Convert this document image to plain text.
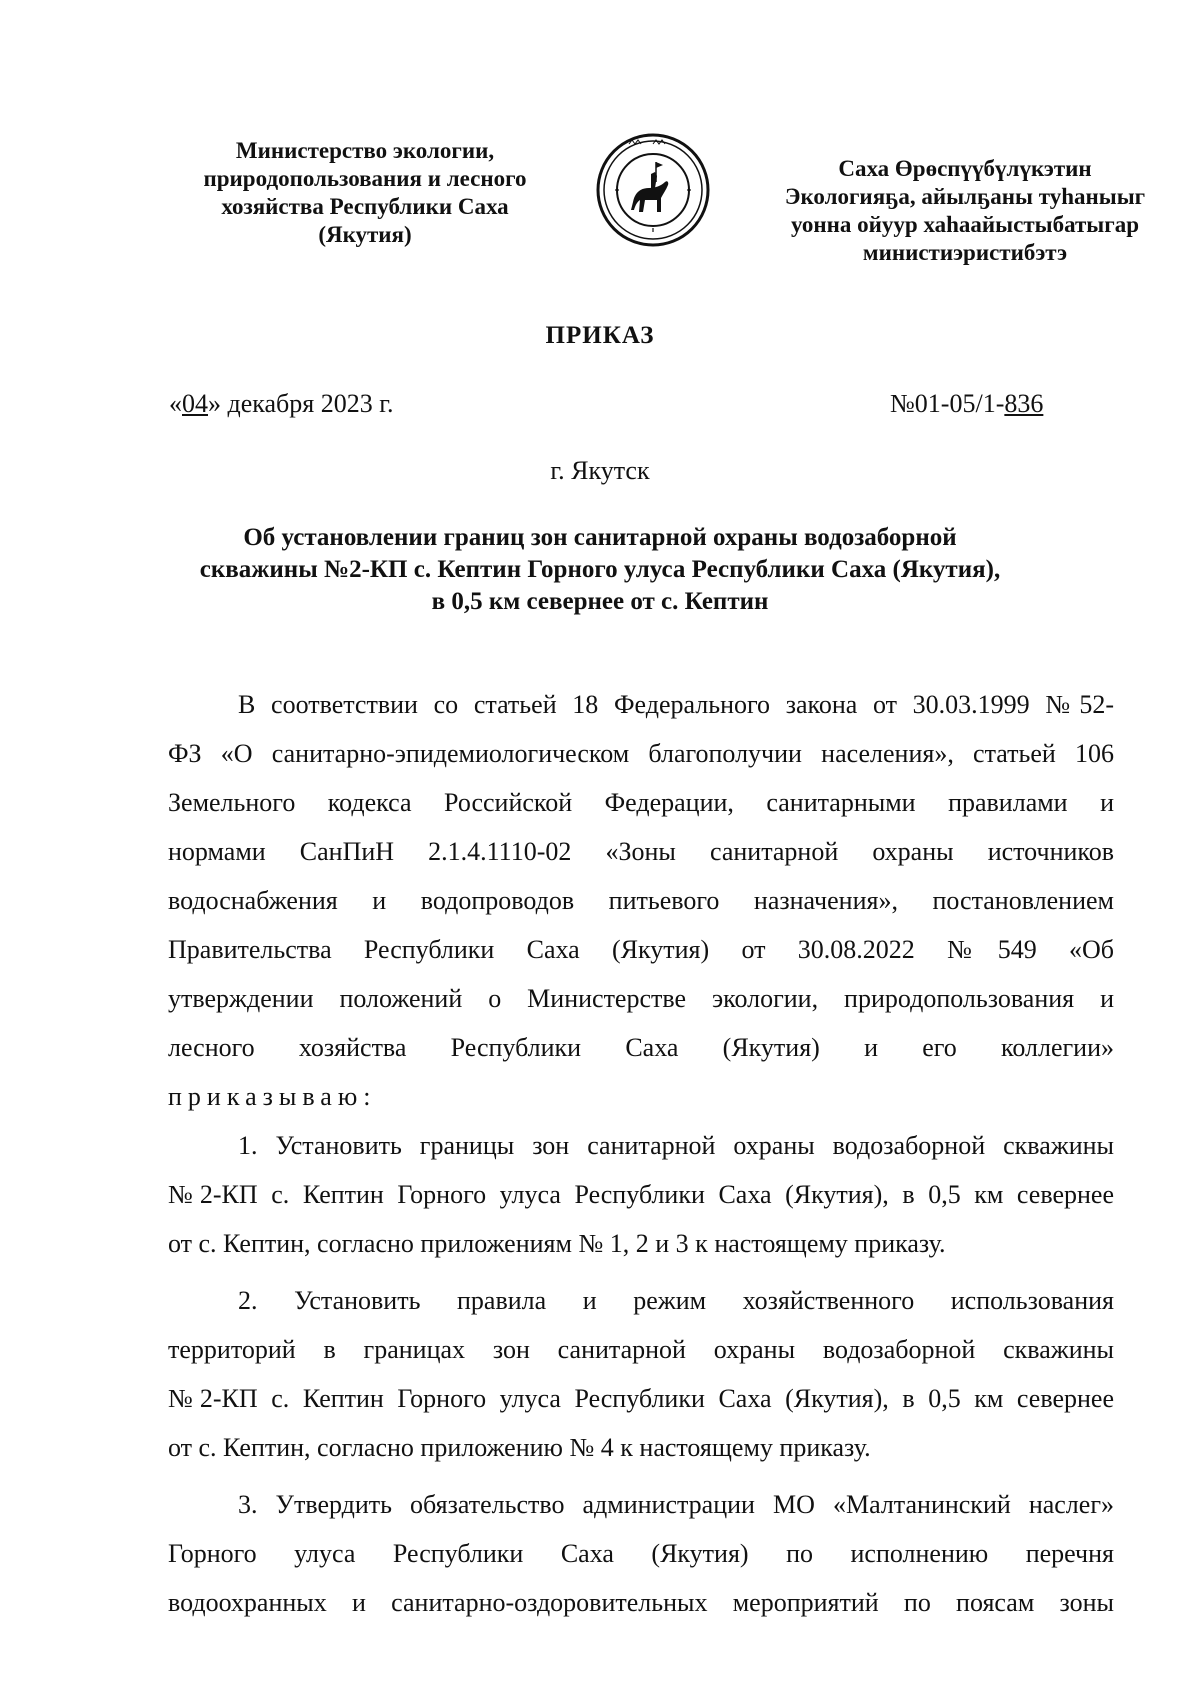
Министерство экологии,
природопользования и лесного
хозяйства Республики Саха
(Якутия)
Саха Өрөспүүбүлүкэтин
Экологияҕа, айылҕаны туһаныыг
уонна ойуур хаһаайыстыбатыгар
министиэристибэтэ
ПРИКАЗ
«04» декабря 2023 г.	№01-05/1-836
г. Якутск
Об установлении границ зон санитарной охраны водозаборной
скважины №2-КП с. Кептин Горного улуса Республики Саха (Якутия),
в 0,5 км севернее от с. Кептин
В соответствии со статьей 18 Федерального закона от 30.03.1999 №52-
ФЗ «О санитарно-эпидемиологическом благополучии населения», статьей 106
Земельного кодекса Российской Федерации, санитарными правилами и
нормами СанПиН 2.1.4.1110-02 «Зоны санитарной охраны источников
водоснабжения и водопроводов питьевого назначения», постановлением
Правительства Республики Саха (Якутия) от 30.08.2022 №549 «Об
утверждении положений о Министерстве экологии, природопользования и
лесного хозяйства Республики Саха (Якутия) и его коллегии»
приказываю:
1. Установить границы зон санитарной охраны водозаборной скважины
№2-КП с. Кептин Горного улуса Республики Саха (Якутия), в 0,5 км севернее
от с. Кептин, согласно приложениям № 1, 2 и 3 к настоящему приказу.
2. Установить правила и режим хозяйственного использования
территорий в границах зон санитарной охраны водозаборной скважины
№2-КП с. Кептин Горного улуса Республики Саха (Якутия), в 0,5 км севернее
от с. Кептин, согласно приложению № 4 к настоящему приказу.
3. Утвердить обязательство администрации МО «Малтанинский наслег»
Горного улуса Республики Саха (Якутия) по исполнению перечня
водоохранных и санитарно-оздоровительных мероприятий по поясам зоны
